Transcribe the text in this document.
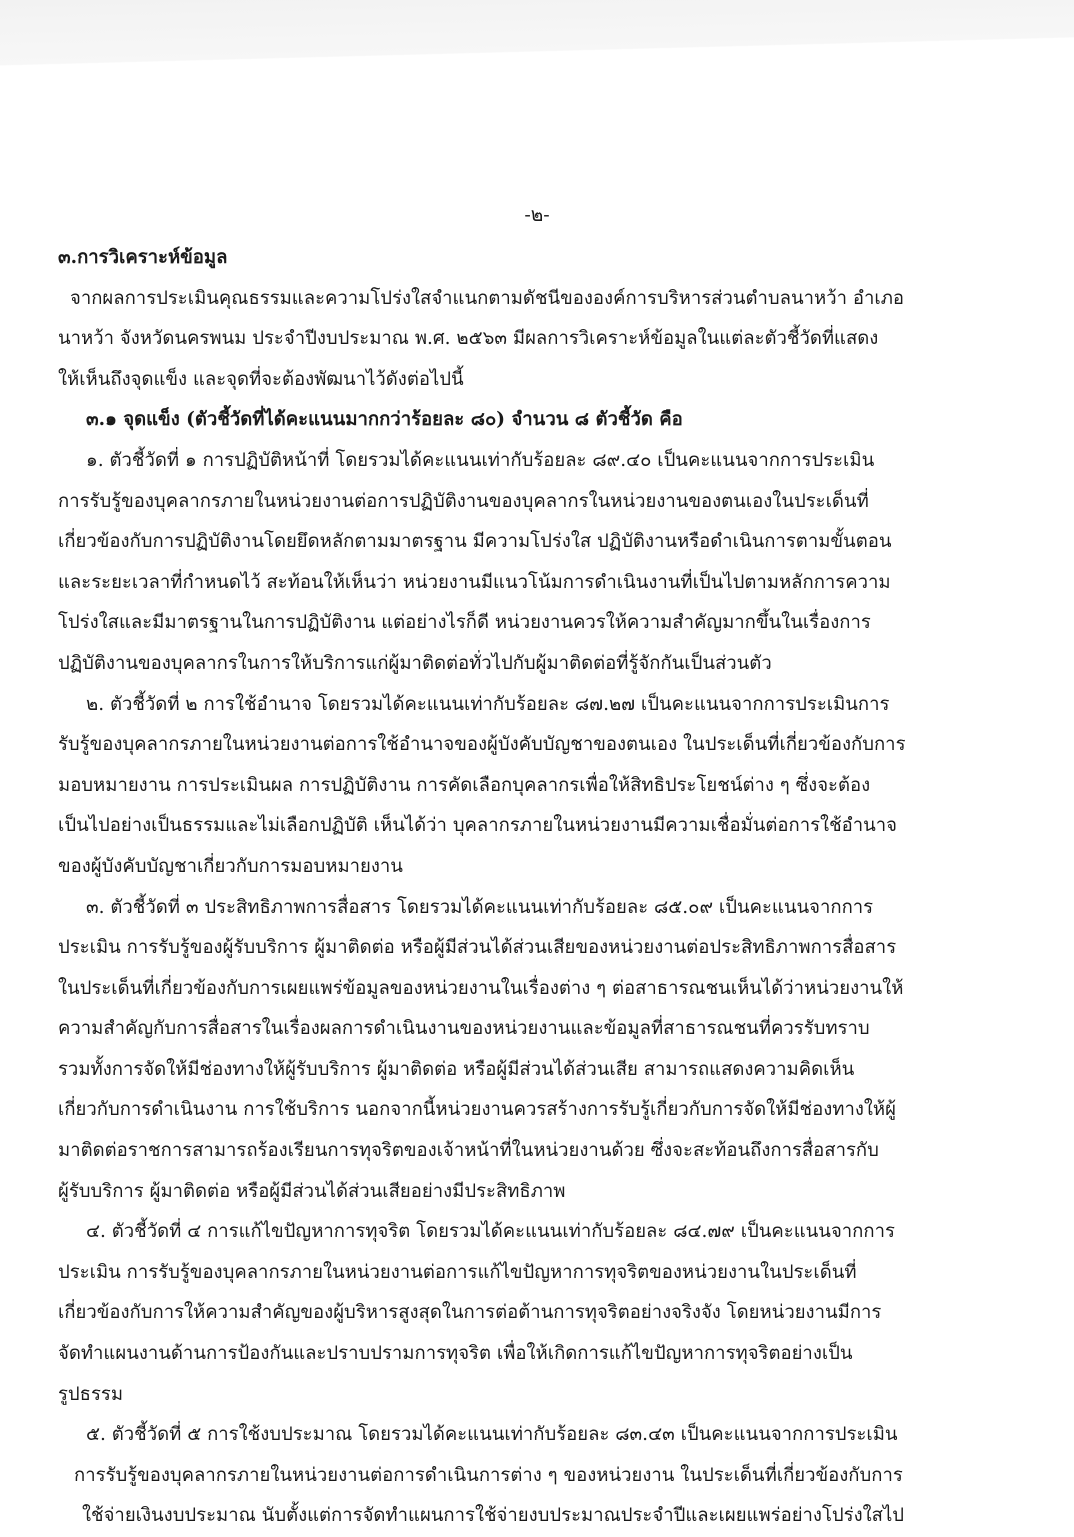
-๒-
๓.การวิเคราะห์ข้อมูล
จากผลการประเมินคุณธรรมและความโปร่งใสจำแนกตามดัชนีขององค์การบริหารส่วนตำบลนาหว้า อำเภอ
นาหว้า จังหวัดนครพนม ประจำปีงบประมาณ พ.ศ. ๒๕๖๓ มีผลการวิเคราะห์ข้อมูลในแต่ละตัวชี้วัดที่แสดง
ให้เห็นถึงจุดแข็ง และจุดที่จะต้องพัฒนาไว้ดังต่อไปนี้
๓.๑ จุดแข็ง (ตัวชี้วัดที่ได้คะแนนมากกว่าร้อยละ ๘๐) จำนวน ๘ ตัวชี้วัด คือ
๑. ตัวชี้วัดที่ ๑ การปฏิบัติหน้าที่ โดยรวมได้คะแนนเท่ากับร้อยละ ๘๙.๔๐ เป็นคะแนนจากการประเมิน
การรับรู้ของบุคลากรภายในหน่วยงานต่อการปฏิบัติงานของบุคลากรในหน่วยงานของตนเองในประเด็นที่
เกี่ยวข้องกับการปฏิบัติงานโดยยึดหลักตามมาตรฐาน มีความโปร่งใส ปฏิบัติงานหรือดำเนินการตามขั้นตอน
และระยะเวลาที่กำหนดไว้ สะท้อนให้เห็นว่า หน่วยงานมีแนวโน้มการดำเนินงานที่เป็นไปตามหลักการความ
โปร่งใสและมีมาตรฐานในการปฏิบัติงาน แต่อย่างไรก็ดี หน่วยงานควรให้ความสำคัญมากขึ้นในเรื่องการ
ปฏิบัติงานของบุคลากรในการให้บริการแก่ผู้มาติดต่อทั่วไปกับผู้มาติดต่อที่รู้จักกันเป็นส่วนตัว
๒. ตัวชี้วัดที่ ๒ การใช้อำนาจ โดยรวมได้คะแนนเท่ากับร้อยละ ๘๗.๒๗ เป็นคะแนนจากการประเมินการ
รับรู้ของบุคลากรภายในหน่วยงานต่อการใช้อำนาจของผู้บังคับบัญชาของตนเอง ในประเด็นที่เกี่ยวข้องกับการ
มอบหมายงาน การประเมินผล การปฏิบัติงาน การคัดเลือกบุคลากรเพื่อให้สิทธิประโยชน์ต่าง ๆ ซึ่งจะต้อง
เป็นไปอย่างเป็นธรรมและไม่เลือกปฏิบัติ เห็นได้ว่า บุคลากรภายในหน่วยงานมีความเชื่อมั่นต่อการใช้อำนาจ
ของผู้บังคับบัญชาเกี่ยวกับการมอบหมายงาน
๓. ตัวชี้วัดที่ ๓ ประสิทธิภาพการสื่อสาร โดยรวมได้คะแนนเท่ากับร้อยละ ๘๕.๐๙ เป็นคะแนนจากการ
ประเมิน การรับรู้ของผู้รับบริการ ผู้มาติดต่อ หรือผู้มีส่วนได้ส่วนเสียของหน่วยงานต่อประสิทธิภาพการสื่อสาร
ในประเด็นที่เกี่ยวข้องกับการเผยแพร่ข้อมูลของหน่วยงานในเรื่องต่าง ๆ ต่อสาธารณชนเห็นได้ว่าหน่วยงานให้
ความสำคัญกับการสื่อสารในเรื่องผลการดำเนินงานของหน่วยงานและข้อมูลที่สาธารณชนที่ควรรับทราบ
รวมทั้งการจัดให้มีช่องทางให้ผู้รับบริการ ผู้มาติดต่อ หรือผู้มีส่วนได้ส่วนเสีย สามารถแสดงความคิดเห็น
เกี่ยวกับการดำเนินงาน การใช้บริการ นอกจากนี้หน่วยงานควรสร้างการรับรู้เกี่ยวกับการจัดให้มีช่องทางให้ผู้
มาติดต่อราชการสามารถร้องเรียนการทุจริตของเจ้าหน้าที่ในหน่วยงานด้วย ซึ่งจะสะท้อนถึงการสื่อสารกับ
ผู้รับบริการ ผู้มาติดต่อ หรือผู้มีส่วนได้ส่วนเสียอย่างมีประสิทธิภาพ
๔. ตัวชี้วัดที่ ๔ การแก้ไขปัญหาการทุจริต โดยรวมได้คะแนนเท่ากับร้อยละ ๘๔.๗๙ เป็นคะแนนจากการ
ประเมิน การรับรู้ของบุคลากรภายในหน่วยงานต่อการแก้ไขปัญหาการทุจริตของหน่วยงานในประเด็นที่
เกี่ยวข้องกับการให้ความสำคัญของผู้บริหารสูงสุดในการต่อต้านการทุจริตอย่างจริงจัง โดยหน่วยงานมีการ
จัดทำแผนงานด้านการป้องกันและปราบปรามการทุจริต เพื่อให้เกิดการแก้ไขปัญหาการทุจริตอย่างเป็น
รูปธรรม
๕. ตัวชี้วัดที่ ๕ การใช้งบประมาณ โดยรวมได้คะแนนเท่ากับร้อยละ ๘๓.๔๓ เป็นคะแนนจากการประเมิน
การรับรู้ของบุคลากรภายในหน่วยงานต่อการดำเนินการต่าง ๆ ของหน่วยงาน ในประเด็นที่เกี่ยวข้องกับการ
ใช้จ่ายเงินงบประมาณ นับตั้งแต่การจัดทำแผนการใช้จ่ายงบประมาณประจำปีและเผยแพร่อย่างโปร่งใสไป
